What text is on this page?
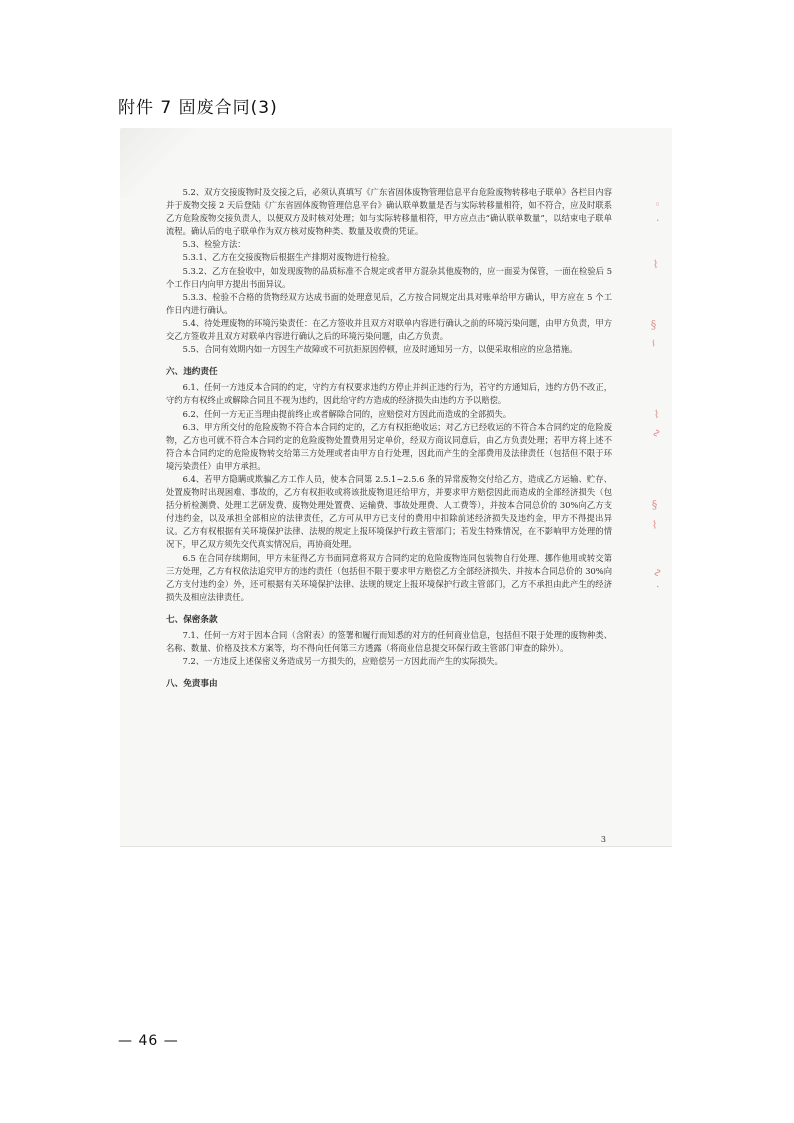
附件 7 固废合同(3)

5.2、双方交接废物时及交接之后，必须认真填写《广东省固体废物管理信息平台危险废物转移电子联单》各栏目内容并于废物交接 2 天后登陆《广东省固体废物管理信息平台》确认联单数量是否与实际转移量相符，如不符合，应及时联系乙方危险废物交接负责人，以便双方及时核对处理；如与实际转移量相符，甲方应点击“确认联单数量”，以结束电子联单流程。确认后的电子联单作为双方核对废物种类、数量及收费的凭证。

5.3、检验方法：

5.3.1、乙方在交接废物后根据生产排期对废物进行检验。

5.3.2、乙方在验收中，如发现废物的品质标准不合规定或者甲方混杂其他废物的，应一面妥为保管，一面在检验后 5 个工作日内向甲方提出书面异议。

5.3.3、检验不合格的货物经双方达成书面的处理意见后，乙方按合同规定出具对账单给甲方确认，甲方应在 5 个工作日内进行确认。

5.4、待处理废物的环境污染责任：在乙方签收并且双方对联单内容进行确认之前的环境污染问题，由甲方负责，甲方交乙方签收并且双方对联单内容进行确认之后的环境污染问题，由乙方负责。

5.5、合同有效期内如一方因生产故障或不可抗拒原因停顿，应及时通知另一方，以便采取相应的应急措施。

六、违约责任

6.1、任何一方违反本合同的约定，守约方有权要求违约方停止并纠正违约行为，若守约方通知后，违约方仍不改正，守约方有权终止或解除合同且不视为违约，因此给守约方造成的经济损失由违约方予以赔偿。

6.2、任何一方无正当理由提前终止或者解除合同的，应赔偿对方因此而造成的全部损失。

6.3、甲方所交付的危险废物不符合本合同约定的，乙方有权拒绝收运；对乙方已经收运的不符合本合同约定的危险废物，乙方也可就不符合本合同约定的危险废物处置费用另定单价，经双方商议同意后，由乙方负责处理；若甲方将上述不符合本合同约定的危险废物转交给第三方处理或者由甲方自行处理，因此而产生的全部费用及法律责任（包括但不限于环境污染责任）由甲方承担。

6.4、若甲方隐瞒或欺骗乙方工作人员，使本合同第 2.5.1~2.5.6 条的异常废物交付给乙方，造成乙方运输、贮存、处置废物时出现困难、事故的，乙方有权拒收或将该批废物退还给甲方，并要求甲方赔偿因此而造成的全部经济损失（包括分析检测费、处理工艺研发费、废物处理处置费、运输费、事故处理费、人工费等），并按本合同总价的 30%向乙方支付违约金，以及承担全部相应的法律责任，乙方可从甲方已支付的费用中扣除前述经济损失及违约金，甲方不得提出异议。乙方有权根据有关环境保护法律、法规的规定上报环境保护行政主管部门；若发生特殊情况，在不影响甲方处理的情况下，甲乙双方须先交代真实情况后，再协商处理。

6.5 在合同存续期间，甲方未征得乙方书面同意将双方合同约定的危险废物连同包装物自行处理、挪作他用或转交第三方处理，乙方有权依法追究甲方的违约责任（包括但不限于要求甲方赔偿乙方全部经济损失、并按本合同总价的 30%向乙方支付违约金）外，还可根据有关环境保护法律、法规的规定上报环境保护行政主管部门，乙方不承担由此产生的经济损失及相应法律责任。

七、保密条款

7.1、任何一方对于因本合同（含附表）的签署和履行而知悉的对方的任何商业信息，包括但不限于处理的废物种类、名称、数量、价格及技术方案等，均不得向任何第三方透露（将商业信息提交环保行政主管部门审查的除外）。

7.2、一方违反上述保密义务造成另一方损失的，应赔偿另一方因此而产生的实际损失。

八、免责事由
◦ ·
⌇
§ ∽
⌇ ∿
§ ⌇
∿ ·
3
— 46 —
